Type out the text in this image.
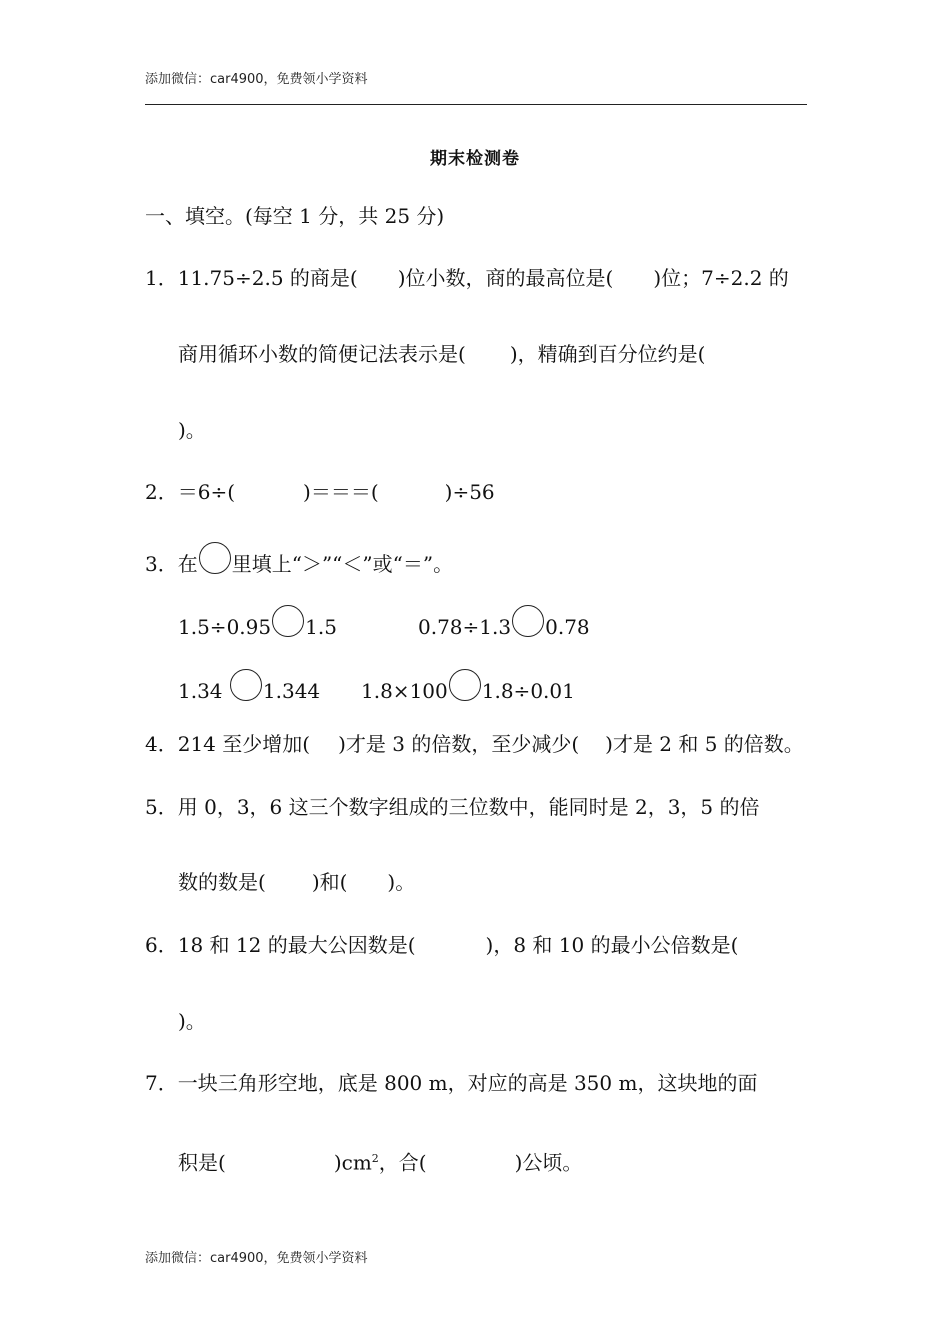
添加微信：car4900，免费领小学资料
期末检测卷
一、填空。(每空 1 分，共 25 分)
1．11.75÷2.5 的商是( )位小数，商的最高位是( )位；7÷2.2 的
商用循环小数的简便记法表示是( )，精确到百分位约是(
)。
2．＝6÷(	)＝＝＝(	)÷56
3．在 里填上“＞”“＜”或“＝”。
1.5÷0.95 1.5	0.78÷1.3 0.78
1.34 1.344 1.8×100 1.8÷0.01
4．214 至少增加( )才是 3 的倍数，至少减少( )才是 2 和 5 的倍数。
5．用 0，3，6 这三个数字组成的三位数中，能同时是 2，3，5 的倍
数的数是( )和( )。
6．18 和 12 的最大公因数是(	)，8 和 10 的最小公倍数是(
)。
7．一块三角形空地，底是 800 m，对应的高是 350 m，这块地的面
积是(	)$cm^2$，合(	)公顷。
添加微信：car4900，免费领小学资料
